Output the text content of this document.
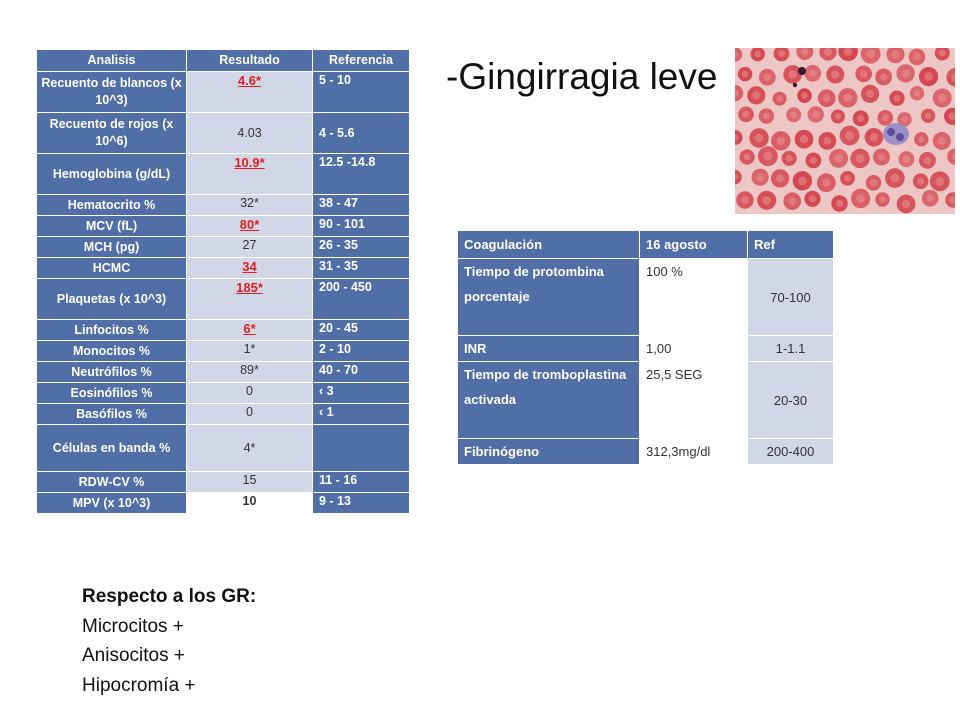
Analisis	Resultado	Referencia
Recuento de blancos (x 10^3)	4.6*	5 - 10
Recuento de rojos (x 10^6)	4.03	4 - 5.6
Hemoglobina (g/dL)	10.9*	12.5 -14.8
Hematocrito %	32*	38 - 47
MCV (fL)	80*	90 - 101
MCH (pg)	27	26 - 35
HCMC	34	31 - 35
Plaquetas (x 10^3)	185*	200 - 450
Linfocitos %	6*	20 - 45
Monocitos %	1*	2 - 10
Neutrófilos %	89*	40 - 70
Eosinófilos %	0	‹ 3
Basófilos %	0	‹ 1
Células en banda %	4*	
RDW-CV %	15	11 - 16
MPV (x 10^3)	10	9 - 13
-Gingirragia leve
Coagulación	16 agosto	Ref
Tiempo de protombina porcentaje	100 %	70-100
INR	1,00	1-1.1
Tiempo de tromboplastina activada	25,5 SEG	20-30
Fibrinógeno	312,3mg/dl	200-400
Respecto a los GR:
Microcitos +
Anisocitos +
Hipocromía +
